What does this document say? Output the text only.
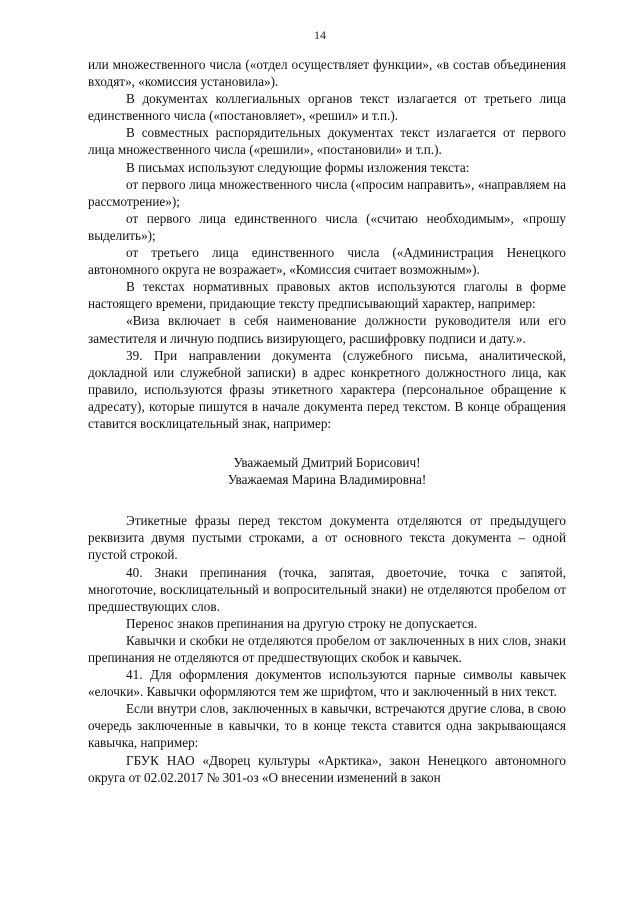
14

или множественного числа («отдел осуществляет функции», «в состав объединения входят», «комиссия установила»).

В документах коллегиальных органов текст излагается от третьего лица единственного числа («постановляет», «решил» и т.п.).

В совместных распорядительных документах текст излагается от первого лица множественного числа («решили», «постановили» и т.п.).

В письмах используют следующие формы изложения текста:

от первого лица множественного числа («просим направить», «направляем на рассмотрение»);

от первого лица единственного числа («считаю необходимым», «прошу выделить»);

от третьего лица единственного числа («Администрация Ненецкого автономного округа не возражает», «Комиссия считает возможным»).

В текстах нормативных правовых актов используются глаголы в форме настоящего времени, придающие тексту предписывающий характер, например:

«Виза включает в себя наименование должности руководителя или его заместителя и личную подпись визирующего, расшифровку подписи и дату.».

39. При направлении документа (служебного письма, аналитической, докладной или служебной записки) в адрес конкретного должностного лица, как правило, используются фразы этикетного характера (персональное обращение к адресату), которые пишутся в начале документа перед текстом. В конце обращения ставится восклицательный знак, например:

Уважаемый Дмитрий Борисович!
Уважаемая Марина Владимировна!

Этикетные фразы перед текстом документа отделяются от предыдущего реквизита двумя пустыми строками, а от основного текста документа – одной пустой строкой.

40. Знаки препинания (точка, запятая, двоеточие, точка с запятой, многоточие, восклицательный и вопросительный знаки) не отделяются пробелом от предшествующих слов.

Перенос знаков препинания на другую строку не допускается.

Кавычки и скобки не отделяются пробелом от заключенных в них слов, знаки препинания не отделяются от предшествующих скобок и кавычек.

41. Для оформления документов используются парные символы кавычек «елочки». Кавычки оформляются тем же шрифтом, что и заключенный в них текст.

Если внутри слов, заключенных в кавычки, встречаются другие слова, в свою очередь заключенные в кавычки, то в конце текста ставится одна закрывающаяся кавычка, например:

ГБУК НАО «Дворец культуры «Арктика», закон Ненецкого автономного округа от 02.02.2017 № 301-оз «О внесении изменений в закон
